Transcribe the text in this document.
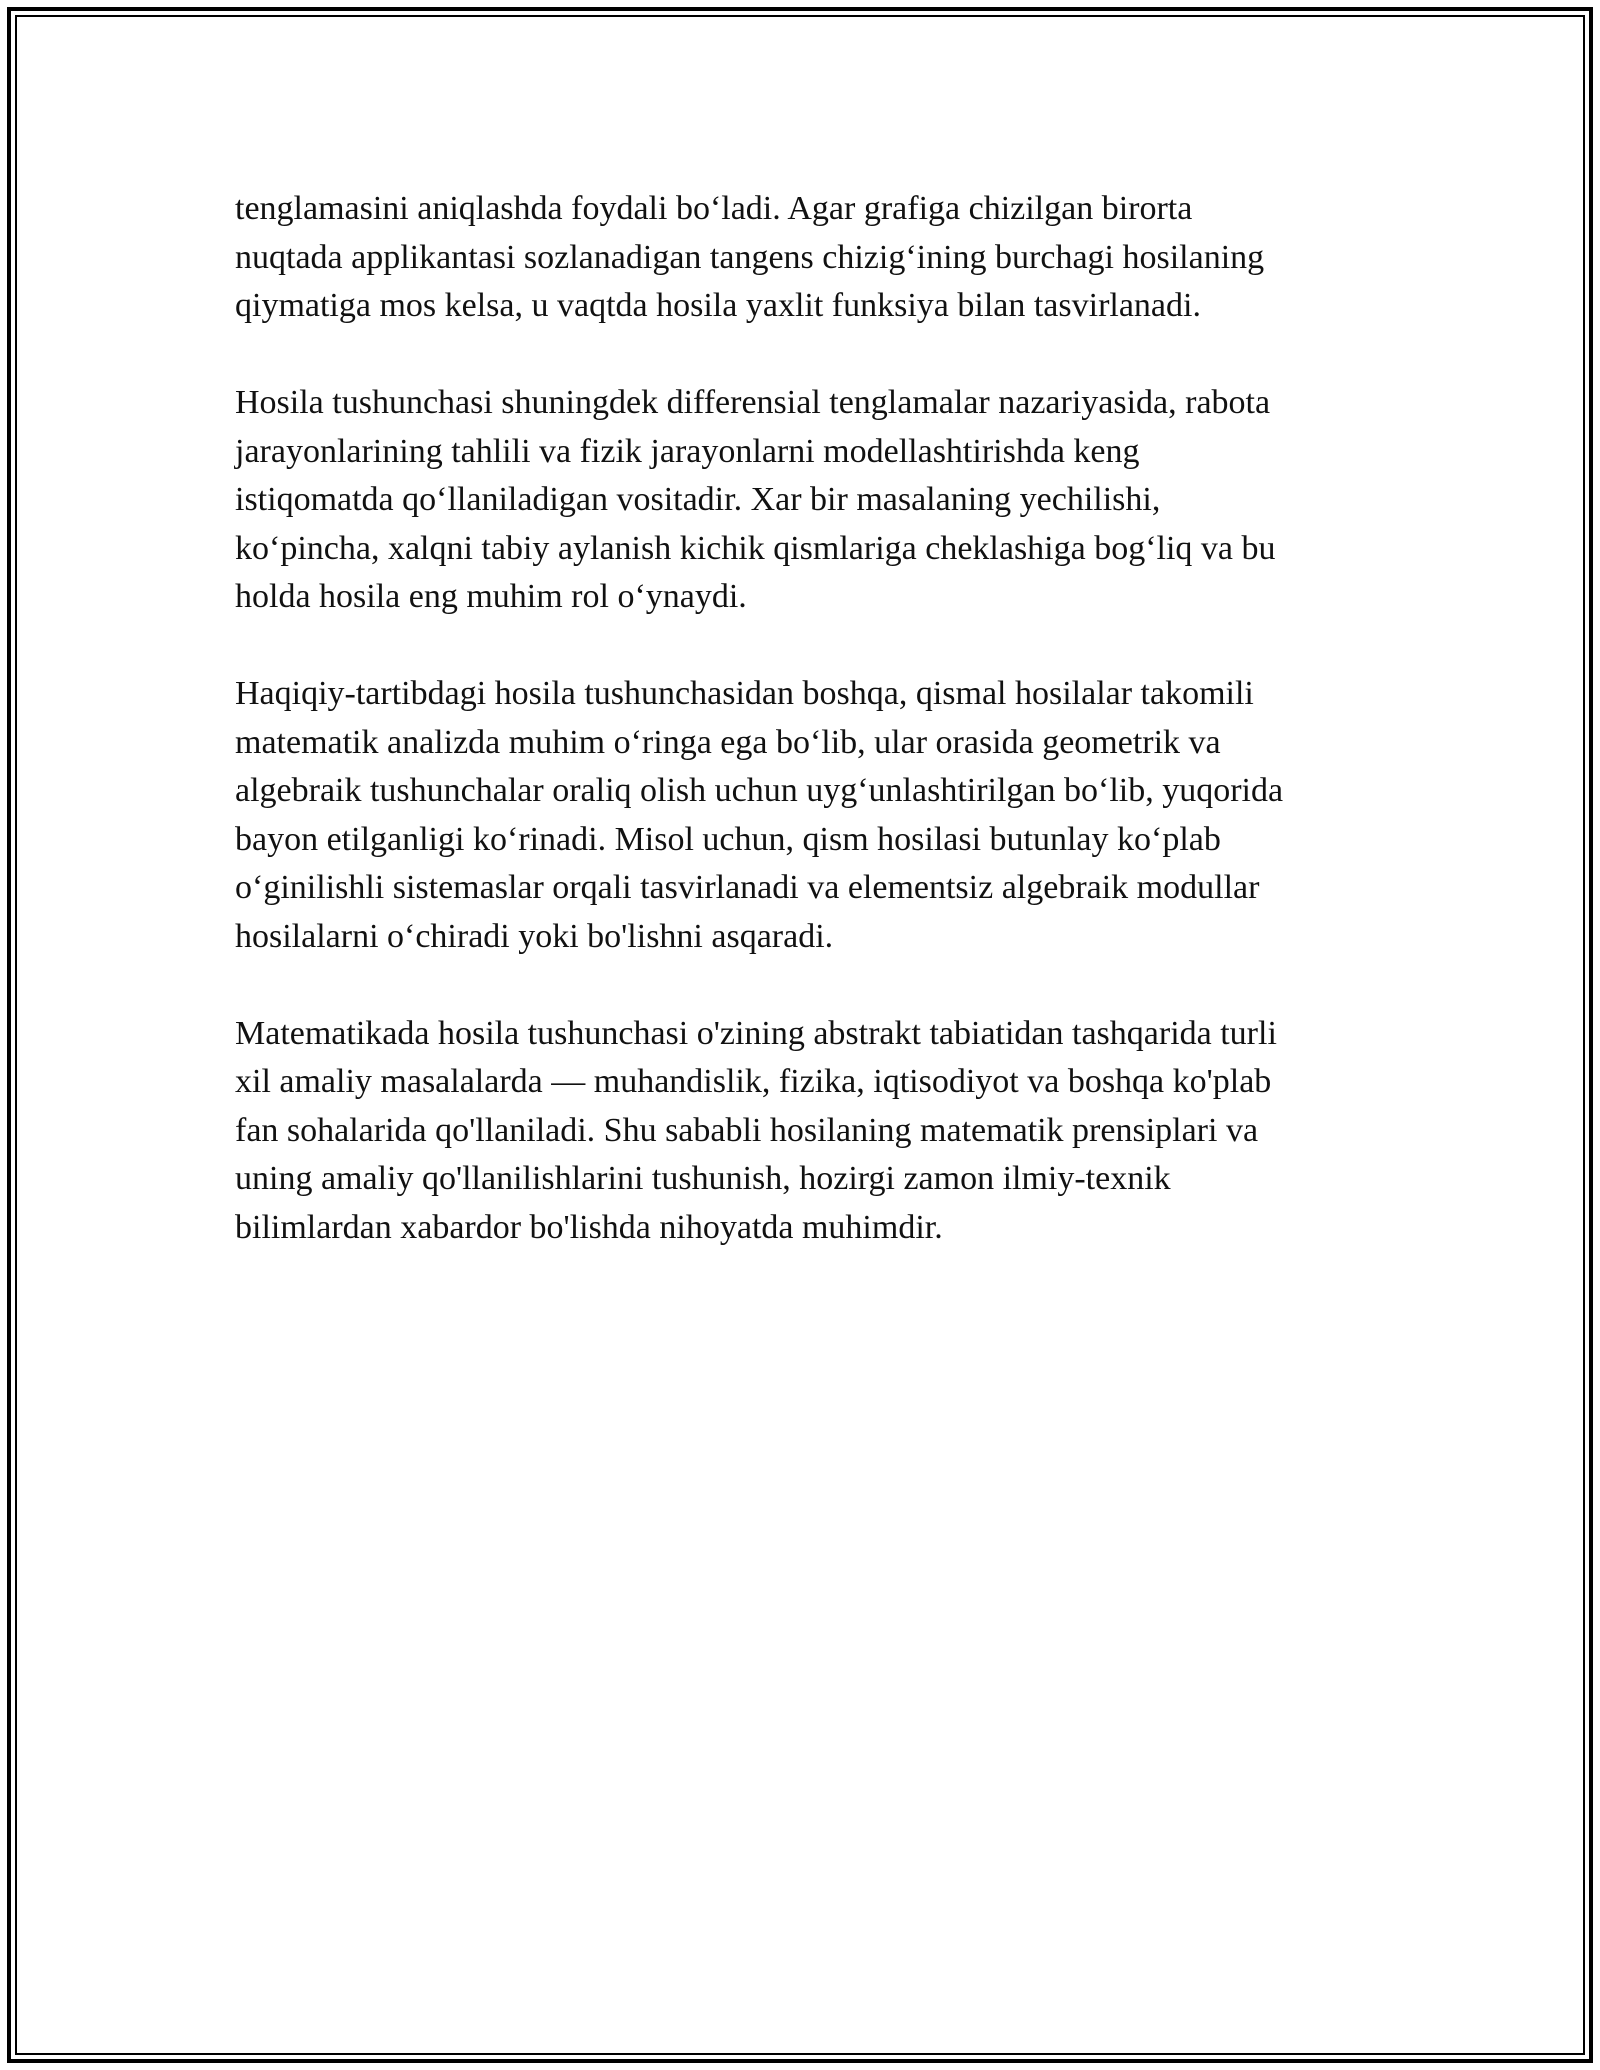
tenglamasini aniqlashda foydali bo‘ladi. Agar grafiga chizilgan birorta
nuqtada applikantasi sozlanadigan tangens chizig‘ining burchagi hosilaning
qiymatiga mos kelsa, u vaqtda hosila yaxlit funksiya bilan tasvirlanadi.

Hosila tushunchasi shuningdek differensial tenglamalar nazariyasida, rabota
jarayonlarining tahlili va fizik jarayonlarni modellashtirishda keng
istiqomatda qo‘llaniladigan vositadir. Xar bir masalaning yechilishi,
ko‘pincha, xalqni tabiy aylanish kichik qismlariga cheklashiga bog‘liq va bu
holda hosila eng muhim rol o‘ynaydi.

Haqiqiy-tartibdagi hosila tushunchasidan boshqa, qismal hosilalar takomili
matematik analizda muhim o‘ringa ega bo‘lib, ular orasida geometrik va
algebraik tushunchalar oraliq olish uchun uyg‘unlashtirilgan bo‘lib, yuqorida
bayon etilganligi ko‘rinadi. Misol uchun, qism hosilasi butunlay ko‘plab
o‘ginilishli sistemaslar orqali tasvirlanadi va elementsiz algebraik modullar
hosilalarni o‘chiradi yoki bo'lishni asqaradi.

Matematikada hosila tushunchasi o'zining abstrakt tabiatidan tashqarida turli
xil amaliy masalalarda — muhandislik, fizika, iqtisodiyot va boshqa ko'plab
fan sohalarida qo'llaniladi. Shu sababli hosilaning matematik prensiplari va
uning amaliy qo'llanilishlarini tushunish, hozirgi zamon ilmiy-texnik
bilimlardan xabardor bo'lishda nihoyatda muhimdir.
